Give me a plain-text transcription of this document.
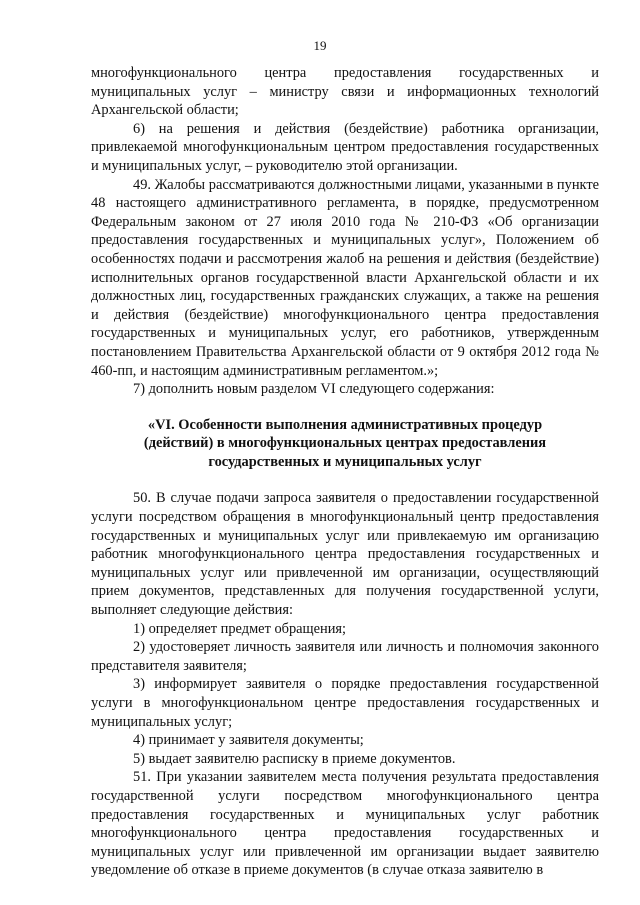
19

многофункционального центра предоставления государственных и муниципальных услуг – министру связи и информационных технологий Архангельской области;

6) на решения и действия (бездействие) работника организации, привлекаемой многофункциональным центром предоставления государственных и муниципальных услуг, – руководителю этой организации.

49. Жалобы рассматриваются должностными лицами, указанными в пункте 48 настоящего административного регламента, в порядке, предусмотренном Федеральным законом от 27 июля 2010 года № 210-ФЗ «Об организации предоставления государственных и муниципальных услуг», Положением об особенностях подачи и рассмотрения жалоб на решения и действия (бездействие) исполнительных органов государственной власти Архангельской области и их должностных лиц, государственных гражданских служащих, а также на решения и действия (бездействие) многофункционального центра предоставления государственных и муниципальных услуг, его работников, утвержденным постановлением Правительства Архангельской области от 9 октября 2012 года № 460-пп, и настоящим административным регламентом.»;

7) дополнить новым разделом VI следующего содержания:

«VI. Особенности выполнения административных процедур (действий) в многофункциональных центрах предоставления государственных и муниципальных услуг

50. В случае подачи запроса заявителя о предоставлении государственной услуги посредством обращения в многофункциональный центр предоставления государственных и муниципальных услуг или привлекаемую им организацию работник многофункционального центра предоставления государственных и муниципальных услуг или привлеченной им организации, осуществляющий прием документов, представленных для получения государственной услуги, выполняет следующие действия:

1) определяет предмет обращения;

2) удостоверяет личность заявителя или личность и полномочия законного представителя заявителя;

3) информирует заявителя о порядке предоставления государственной услуги в многофункциональном центре предоставления государственных и муниципальных услуг;

4) принимает у заявителя документы;

5) выдает заявителю расписку в приеме документов.

51. При указании заявителем места получения результата предоставления государственной услуги посредством многофункционального центра предоставления государственных и муниципальных услуг работник многофункционального центра предоставления государственных и муниципальных услуг или привлеченной им организации выдает заявителю уведомление об отказе в приеме документов (в случае отказа заявителю в
